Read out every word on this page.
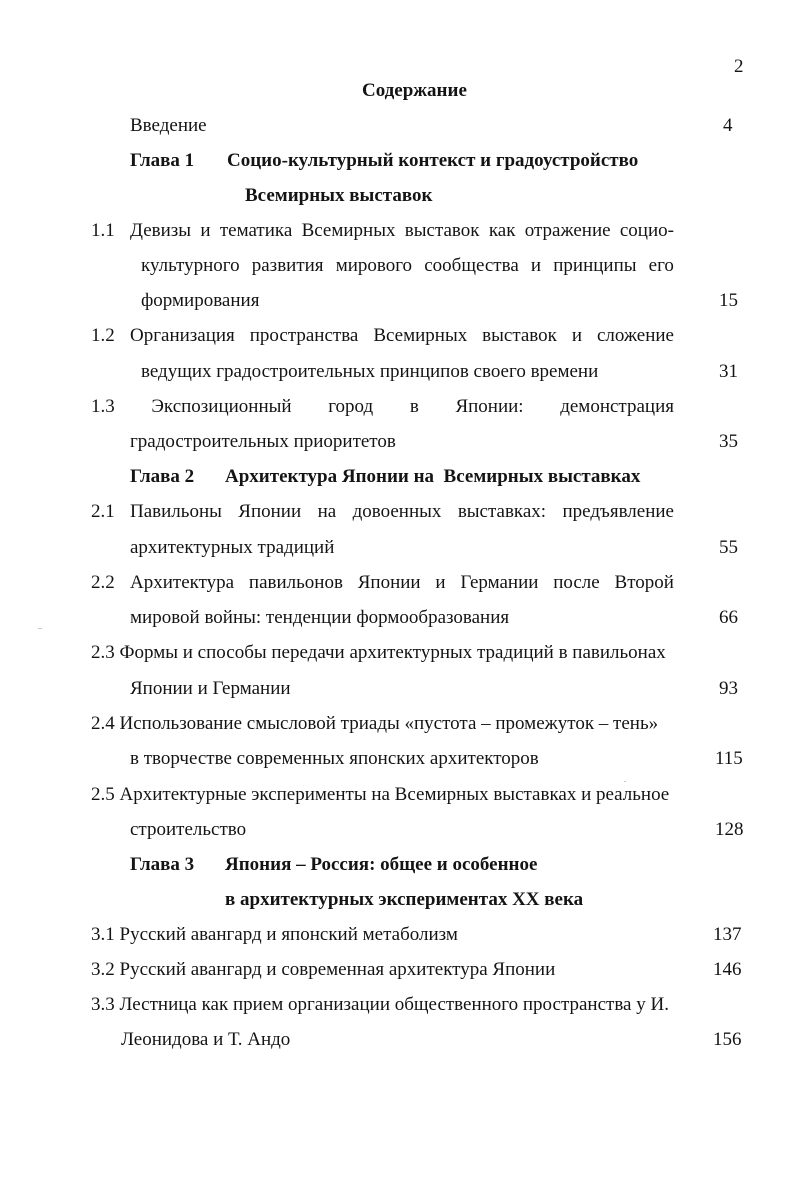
2
Содержание
Введение	4
Глава 1 Социо-культурный контекст и градоустройство
Всемирных выставок
1.1 Девизы и тематика Всемирных выставок как отражение социо-
культурного развития мирового сообщества и принципы его
формирования	15
1.2 Организация пространства Всемирных выставок и сложение
ведущих градостроительных принципов своего времени	31
1.3 Экспозиционный город в Японии: демонстрация
градостроительных приоритетов	35
Глава 2 Архитектура Японии на  Всемирных выставках
2.1 Павильоны Японии на довоенных выставках: предъявление
архитектурных традиций	55
2.2 Архитектура павильонов Японии и Германии после Второй
мировой войны: тенденции формообразования	66
2.3 Формы и способы передачи архитектурных традиций в павильонах
Японии и Германии	93
2.4 Использование смысловой триады «пустота – промежуток – тень»
в творчестве современных японских архитекторов	115
2.5 Архитектурные эксперименты на Всемирных выставках и реальное
строительство	128
Глава 3 Япония – Россия: общее и особенное
в архитектурных экспериментах XX века
3.1 Русский авангард и японский метаболизм	137
3.2 Русский авангард и современная архитектура Японии	146
3.3 Лестница как прием организации общественного пространства у И.
Леонидова и Т. Андо	156
